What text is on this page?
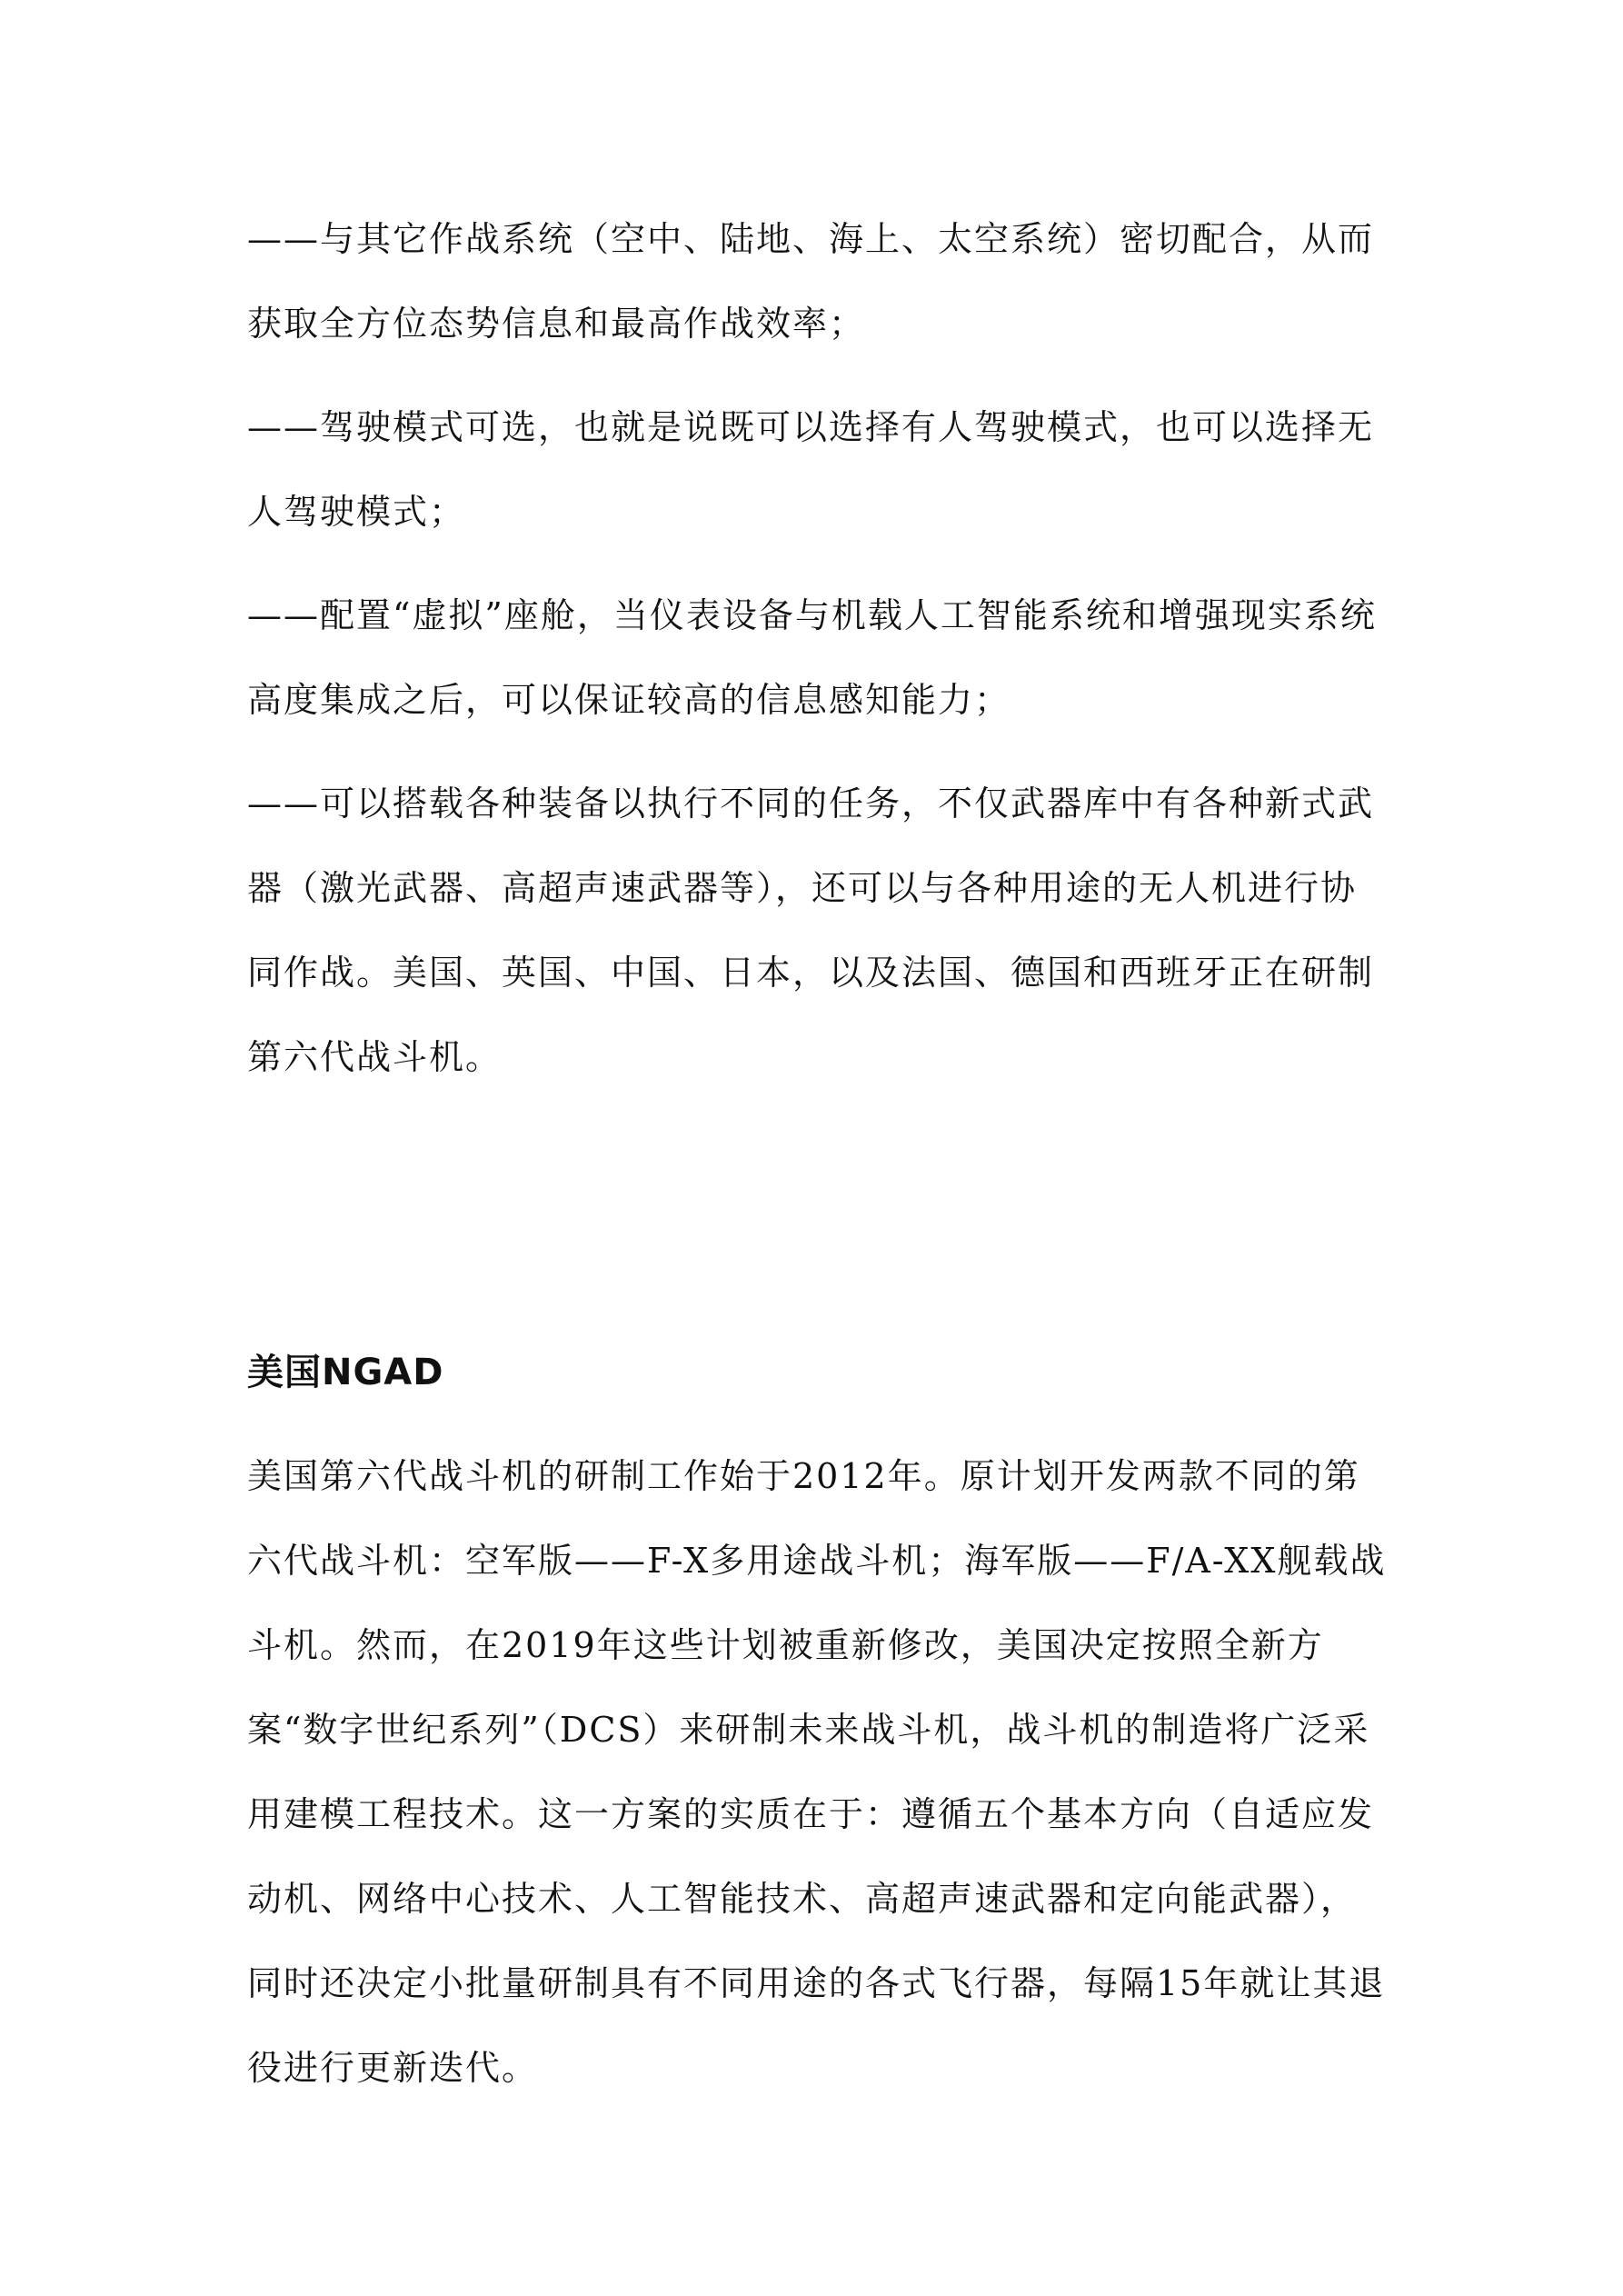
——与其它作战系统（空中、陆地、海上、太空系统）密切配合，从而获取全方位态势信息和最高作战效率；

——驾驶模式可选，也就是说既可以选择有人驾驶模式，也可以选择无人驾驶模式；

——配置“虚拟”座舱，当仪表设备与机载人工智能系统和增强现实系统高度集成之后，可以保证较高的信息感知能力；

——可以搭载各种装备以执行不同的任务，不仅武器库中有各种新式武器（激光武器、高超声速武器等），还可以与各种用途的无人机进行协同作战。美国、英国、中国、日本，以及法国、德国和西班牙正在研制第六代战斗机。

美国NGAD

美国第六代战斗机的研制工作始于2012年。原计划开发两款不同的第六代战斗机：空军版——F-X多用途战斗机；海军版——F/A-XX舰载战斗机。然而，在2019年这些计划被重新修改，美国决定按照全新方案“数字世纪系列”（DCS）来研制未来战斗机，战斗机的制造将广泛采用建模工程技术。这一方案的实质在于：遵循五个基本方向（自适应发动机、网络中心技术、人工智能技术、高超声速武器和定向能武器），同时还决定小批量研制具有不同用途的各式飞行器，每隔15年就让其退役进行更新迭代。
